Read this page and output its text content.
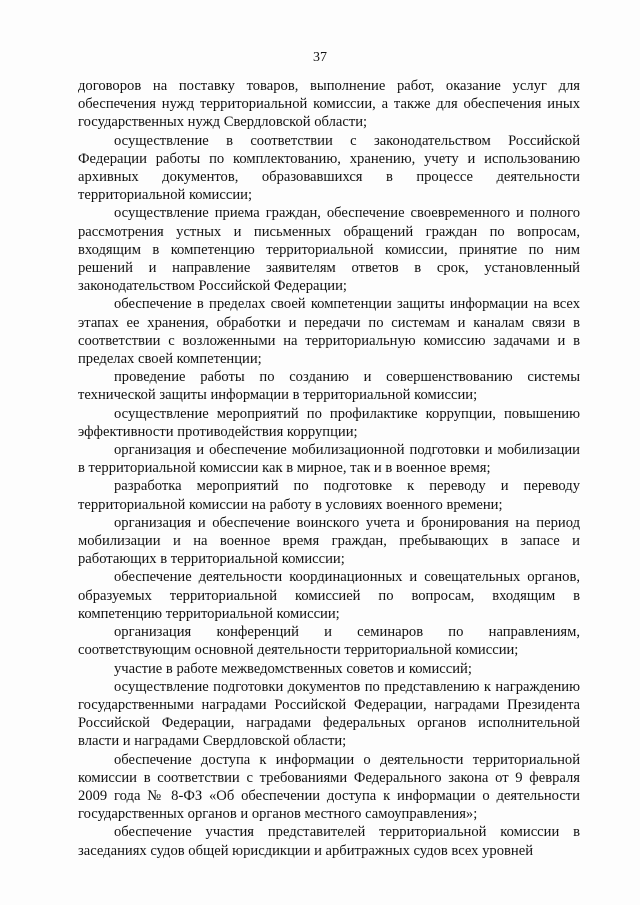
37

договоров на поставку товаров, выполнение работ, оказание услуг для обеспечения нужд территориальной комиссии, а также для обеспечения иных государственных нужд Свердловской области;

осуществление в соответствии с законодательством Российской Федерации работы по комплектованию, хранению, учету и использованию архивных документов, образовавшихся в процессе деятельности территориальной комиссии;

осуществление приема граждан, обеспечение своевременного и полного рассмотрения устных и письменных обращений граждан по вопросам, входящим в компетенцию территориальной комиссии, принятие по ним решений и направление заявителям ответов в срок, установленный законодательством Российской Федерации;

обеспечение в пределах своей компетенции защиты информации на всех этапах ее хранения, обработки и передачи по системам и каналам связи в соответствии с возложенными на территориальную комиссию задачами и в пределах своей компетенции;

проведение работы по созданию и совершенствованию системы технической защиты информации в территориальной комиссии;

осуществление мероприятий по профилактике коррупции, повышению эффективности противодействия коррупции;

организация и обеспечение мобилизационной подготовки и мобилизации в территориальной комиссии как в мирное, так и в военное время;

разработка мероприятий по подготовке к переводу и переводу территориальной комиссии на работу в условиях военного времени;

организация и обеспечение воинского учета и бронирования на период мобилизации и на военное время граждан, пребывающих в запасе и работающих в территориальной комиссии;

обеспечение деятельности координационных и совещательных органов, образуемых территориальной комиссией по вопросам, входящим в компетенцию территориальной комиссии;

организация конференций и семинаров по направлениям, соответствующим основной деятельности территориальной комиссии;

участие в работе межведомственных советов и комиссий;

осуществление подготовки документов по представлению к награждению государственными наградами Российской Федерации, наградами Президента Российской Федерации, наградами федеральных органов исполнительной власти и наградами Свердловской области;

обеспечение доступа к информации о деятельности территориальной комиссии в соответствии с требованиями Федерального закона от 9 февраля 2009 года № 8-ФЗ «Об обеспечении доступа к информации о деятельности государственных органов и органов местного самоуправления»;

обеспечение участия представителей территориальной комиссии в заседаниях судов общей юрисдикции и арбитражных судов всех уровней
